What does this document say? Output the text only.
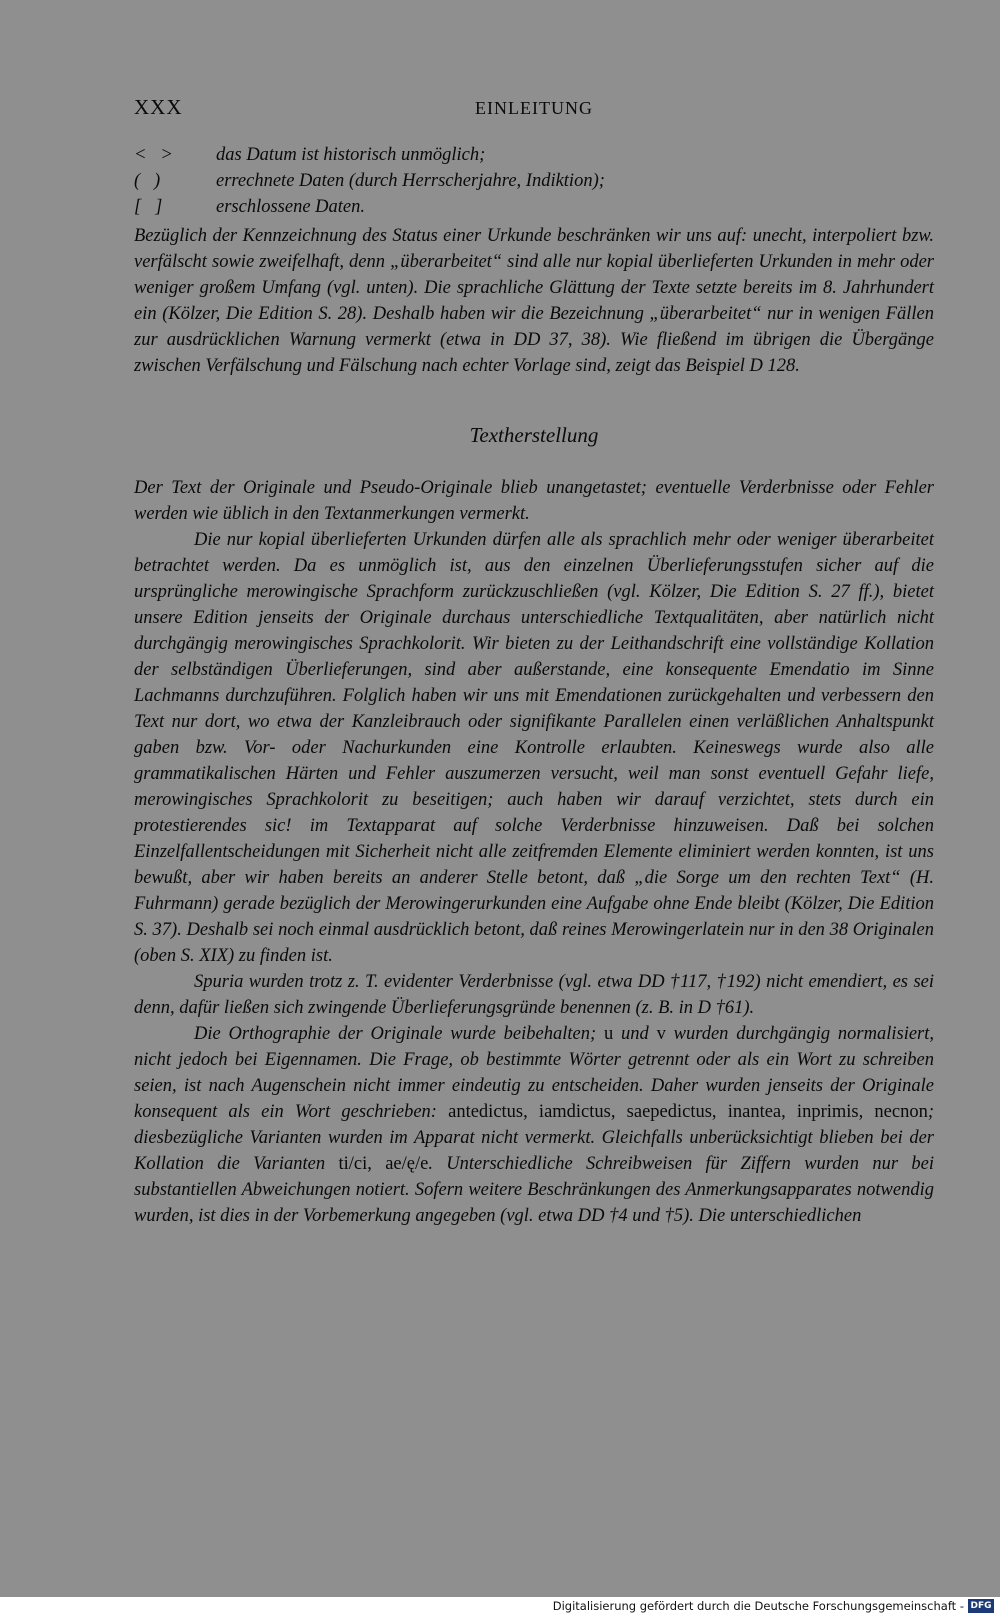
XXX	EINLEITUNG
<   >	das Datum ist historisch unmöglich;
(   )	errechnete Daten (durch Herrscherjahre, Indiktion);
[   ]	erschlossene Daten.

Bezüglich der Kennzeichnung des Status einer Urkunde beschränken wir uns auf: unecht, interpoliert bzw. verfälscht sowie zweifelhaft, denn „überarbeitet“ sind alle nur kopial überlieferten Urkunden in mehr oder weniger großem Umfang (vgl. unten). Die sprachliche Glättung der Texte setzte bereits im 8. Jahrhundert ein (Kölzer, Die Edition S. 28). Deshalb haben wir die Bezeichnung „überarbeitet“ nur in wenigen Fällen zur ausdrücklichen Warnung vermerkt (etwa in DD 37, 38). Wie fließend im übrigen die Übergänge zwischen Verfälschung und Fälschung nach echter Vorlage sind, zeigt das Beispiel D 128.

Textherstellung

Der Text der Originale und Pseudo-Originale blieb unangetastet; eventuelle Verderbnisse oder Fehler werden wie üblich in den Textanmerkungen vermerkt.

Die nur kopial überlieferten Urkunden dürfen alle als sprachlich mehr oder weniger überarbeitet betrachtet werden. Da es unmöglich ist, aus den einzelnen Überlieferungsstufen sicher auf die ursprüngliche merowingische Sprachform zurückzuschließen (vgl. Kölzer, Die Edition S. 27 ff.), bietet unsere Edition jenseits der Originale durchaus unterschiedliche Textqualitäten, aber natürlich nicht durchgängig merowingisches Sprachkolorit. Wir bieten zu der Leithandschrift eine vollständige Kollation der selbständigen Überlieferungen, sind aber außerstande, eine konsequente Emendatio im Sinne Lachmanns durchzuführen. Folglich haben wir uns mit Emendationen zurückgehalten und verbessern den Text nur dort, wo etwa der Kanzleibrauch oder signifikante Parallelen einen verläßlichen Anhaltspunkt gaben bzw. Vor- oder Nachurkunden eine Kontrolle erlaubten. Keineswegs wurde also alle grammatikalischen Härten und Fehler auszumerzen versucht, weil man sonst eventuell Gefahr liefe, merowingisches Sprachkolorit zu beseitigen; auch haben wir darauf verzichtet, stets durch ein protestierendes sic! im Textapparat auf solche Verderbnisse hinzuweisen. Daß bei solchen Einzelfallentscheidungen mit Sicherheit nicht alle zeitfremden Elemente eliminiert werden konnten, ist uns bewußt, aber wir haben bereits an anderer Stelle betont, daß „die Sorge um den rechten Text“ (H. Fuhrmann) gerade bezüglich der Merowingerurkunden eine Aufgabe ohne Ende bleibt (Kölzer, Die Edition S. 37). Deshalb sei noch einmal ausdrücklich betont, daß reines Merowingerlatein nur in den 38 Originalen (oben S. XIX) zu finden ist.

Spuria wurden trotz z. T. evidenter Verderbnisse (vgl. etwa DD †117, †192) nicht emendiert, es sei denn, dafür ließen sich zwingende Überlieferungsgründe benennen (z. B. in D †61).

Die Orthographie der Originale wurde beibehalten; u und v wurden durchgängig normalisiert, nicht jedoch bei Eigennamen. Die Frage, ob bestimmte Wörter getrennt oder als ein Wort zu schreiben seien, ist nach Augenschein nicht immer eindeutig zu entscheiden. Daher wurden jenseits der Originale konsequent als ein Wort geschrieben: antedictus, iamdictus, saepedictus, inantea, inprimis, necnon; diesbezügliche Varianten wurden im Apparat nicht vermerkt. Gleichfalls unberücksichtigt blieben bei der Kollation die Varianten ti/ci, ae/ę/e. Unterschiedliche Schreibweisen für Ziffern wurden nur bei substantiellen Abweichungen notiert. Sofern weitere Beschränkungen des Anmerkungsapparates notwendig wurden, ist dies in der Vorbemerkung angegeben (vgl. etwa DD †4 und †5). Die unterschiedlichen

Digitalisierung gefördert durch die Deutsche Forschungsgemeinschaft - DFG
